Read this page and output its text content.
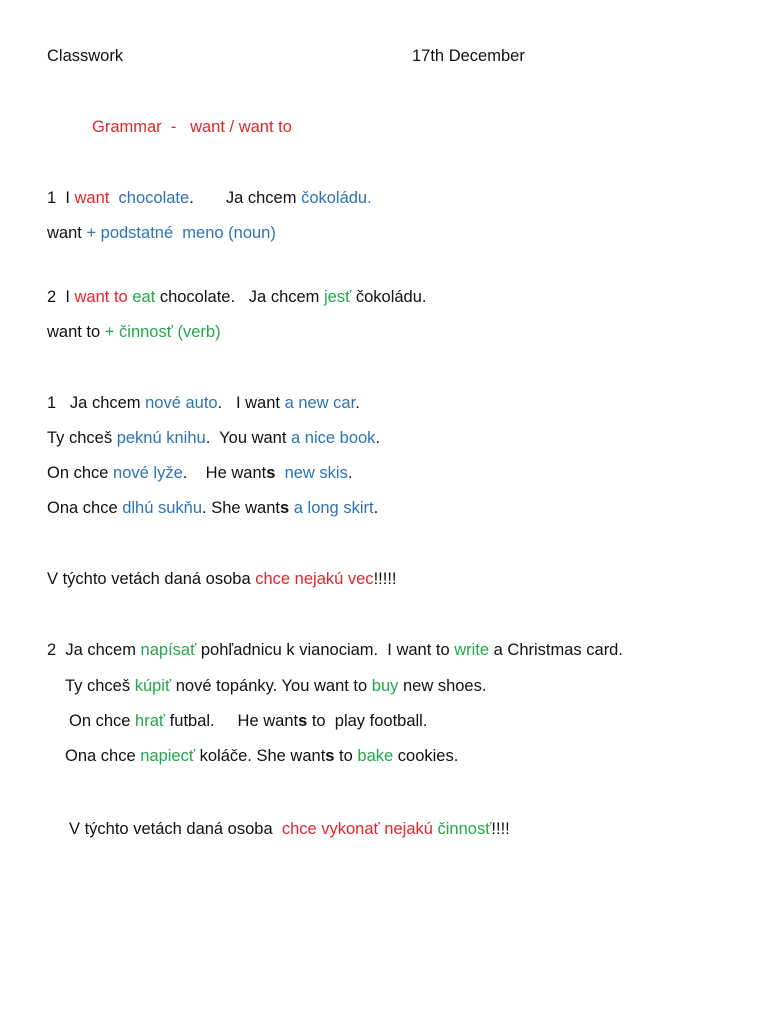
Classwork	17th December
Grammar  -   want / want to
1  I want chocolate.       Ja chcem čokoládu.
want + podstatné  meno (noun)
2  I want to eat chocolate.   Ja chcem jesť čokoládu.
want to + činnosť (verb)
1   Ja chcem nové auto.   I want a new car.
Ty chceš peknú knihu.  You want a nice book.
On chce nové lyže.    He wants new skis.
Ona chce dlhú sukňu. She wants a long skirt.
V týchto vetách daná osoba chce nejakú vec!!!!!
2  Ja chcem napísať pohľadnicu k vianociam.  I want to write a Christmas card.
Ty chceš kúpiť nové topánky. You want to buy new shoes.
On chce hrať futbal.     He wants to  play football.
Ona chce napiecť koláče. She wants to bake cookies.
V týchto vetách daná osoba  chce vykonať nejakú činnosť!!!!
